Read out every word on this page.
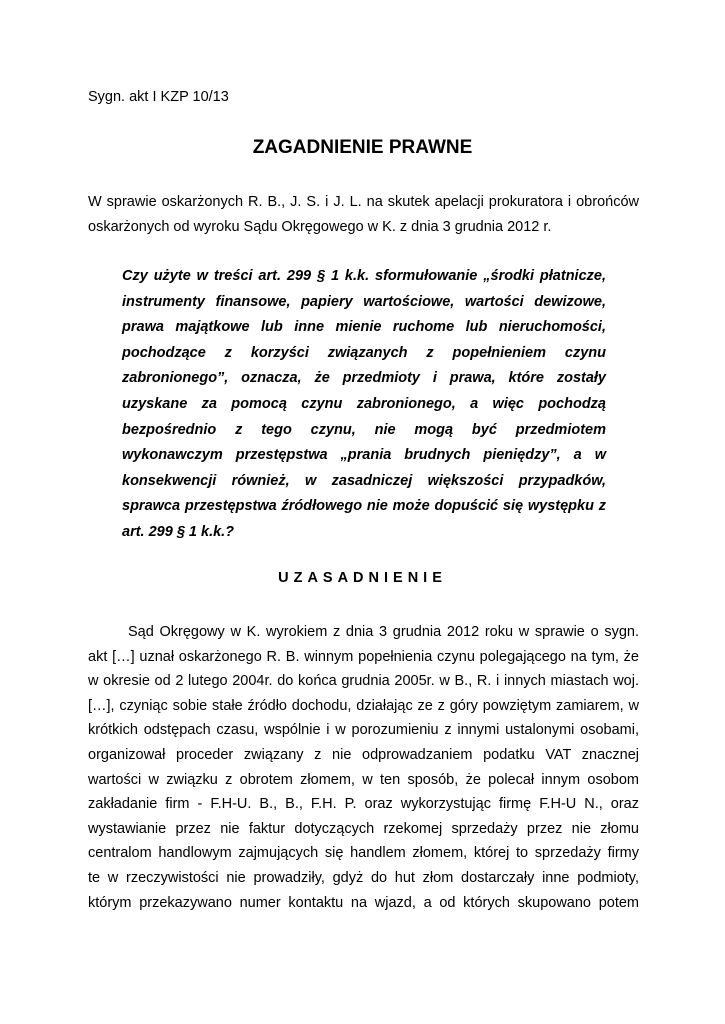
Sygn. akt I KZP 10/13
ZAGADNIENIE PRAWNE
W sprawie oskarżonych R. B., J. S. i J. L. na skutek apelacji prokuratora i obrońców
oskarżonych od wyroku Sądu Okręgowego w K. z dnia 3 grudnia 2012 r.
Czy użyte w treści art. 299 § 1 k.k. sformułowanie „środki płatnicze,
instrumenty finansowe, papiery wartościowe, wartości dewizowe,
prawa majątkowe lub inne mienie ruchome lub nieruchomości,
pochodzące z korzyści związanych z popełnieniem czynu
zabronionego”, oznacza, że przedmioty i prawa, które zostały
uzyskane za pomocą czynu zabronionego, a więc pochodzą
bezpośrednio z tego czynu, nie mogą być przedmiotem
wykonawczym przestępstwa „prania brudnych pieniędzy”, a w
konsekwencji również, w zasadniczej większości przypadków,
sprawca przestępstwa źródłowego nie może dopuścić się występku z
art. 299 § 1 k.k.?
UZASADNIENIE
Sąd Okręgowy w K. wyrokiem z dnia 3 grudnia 2012 roku w sprawie o sygn.
akt […] uznał oskarżonego R. B. winnym popełnienia czynu polegającego na tym, że
w okresie od 2 lutego 2004r. do końca grudnia 2005r. w B., R. i innych miastach woj.
[…], czyniąc sobie stałe źródło dochodu, działając ze z góry powziętym zamiarem, w
krótkich odstępach czasu, wspólnie i w porozumieniu z innymi ustalonymi osobami,
organizował proceder związany z nie odprowadzaniem podatku VAT znacznej
wartości w związku z obrotem złomem, w ten sposób, że polecał innym osobom
zakładanie firm - F.H-U. B., B., F.H. P. oraz wykorzystując firmę F.H-U N., oraz
wystawianie przez nie faktur dotyczących rzekomej sprzedaży przez nie złomu
centralom handlowym zajmujących się handlem złomem, której to sprzedaży firmy
te w rzeczywistości nie prowadziły, gdyż do hut złom dostarczały inne podmioty,
którym przekazywano numer kontaktu na wjazd, a od których skupowano potem
